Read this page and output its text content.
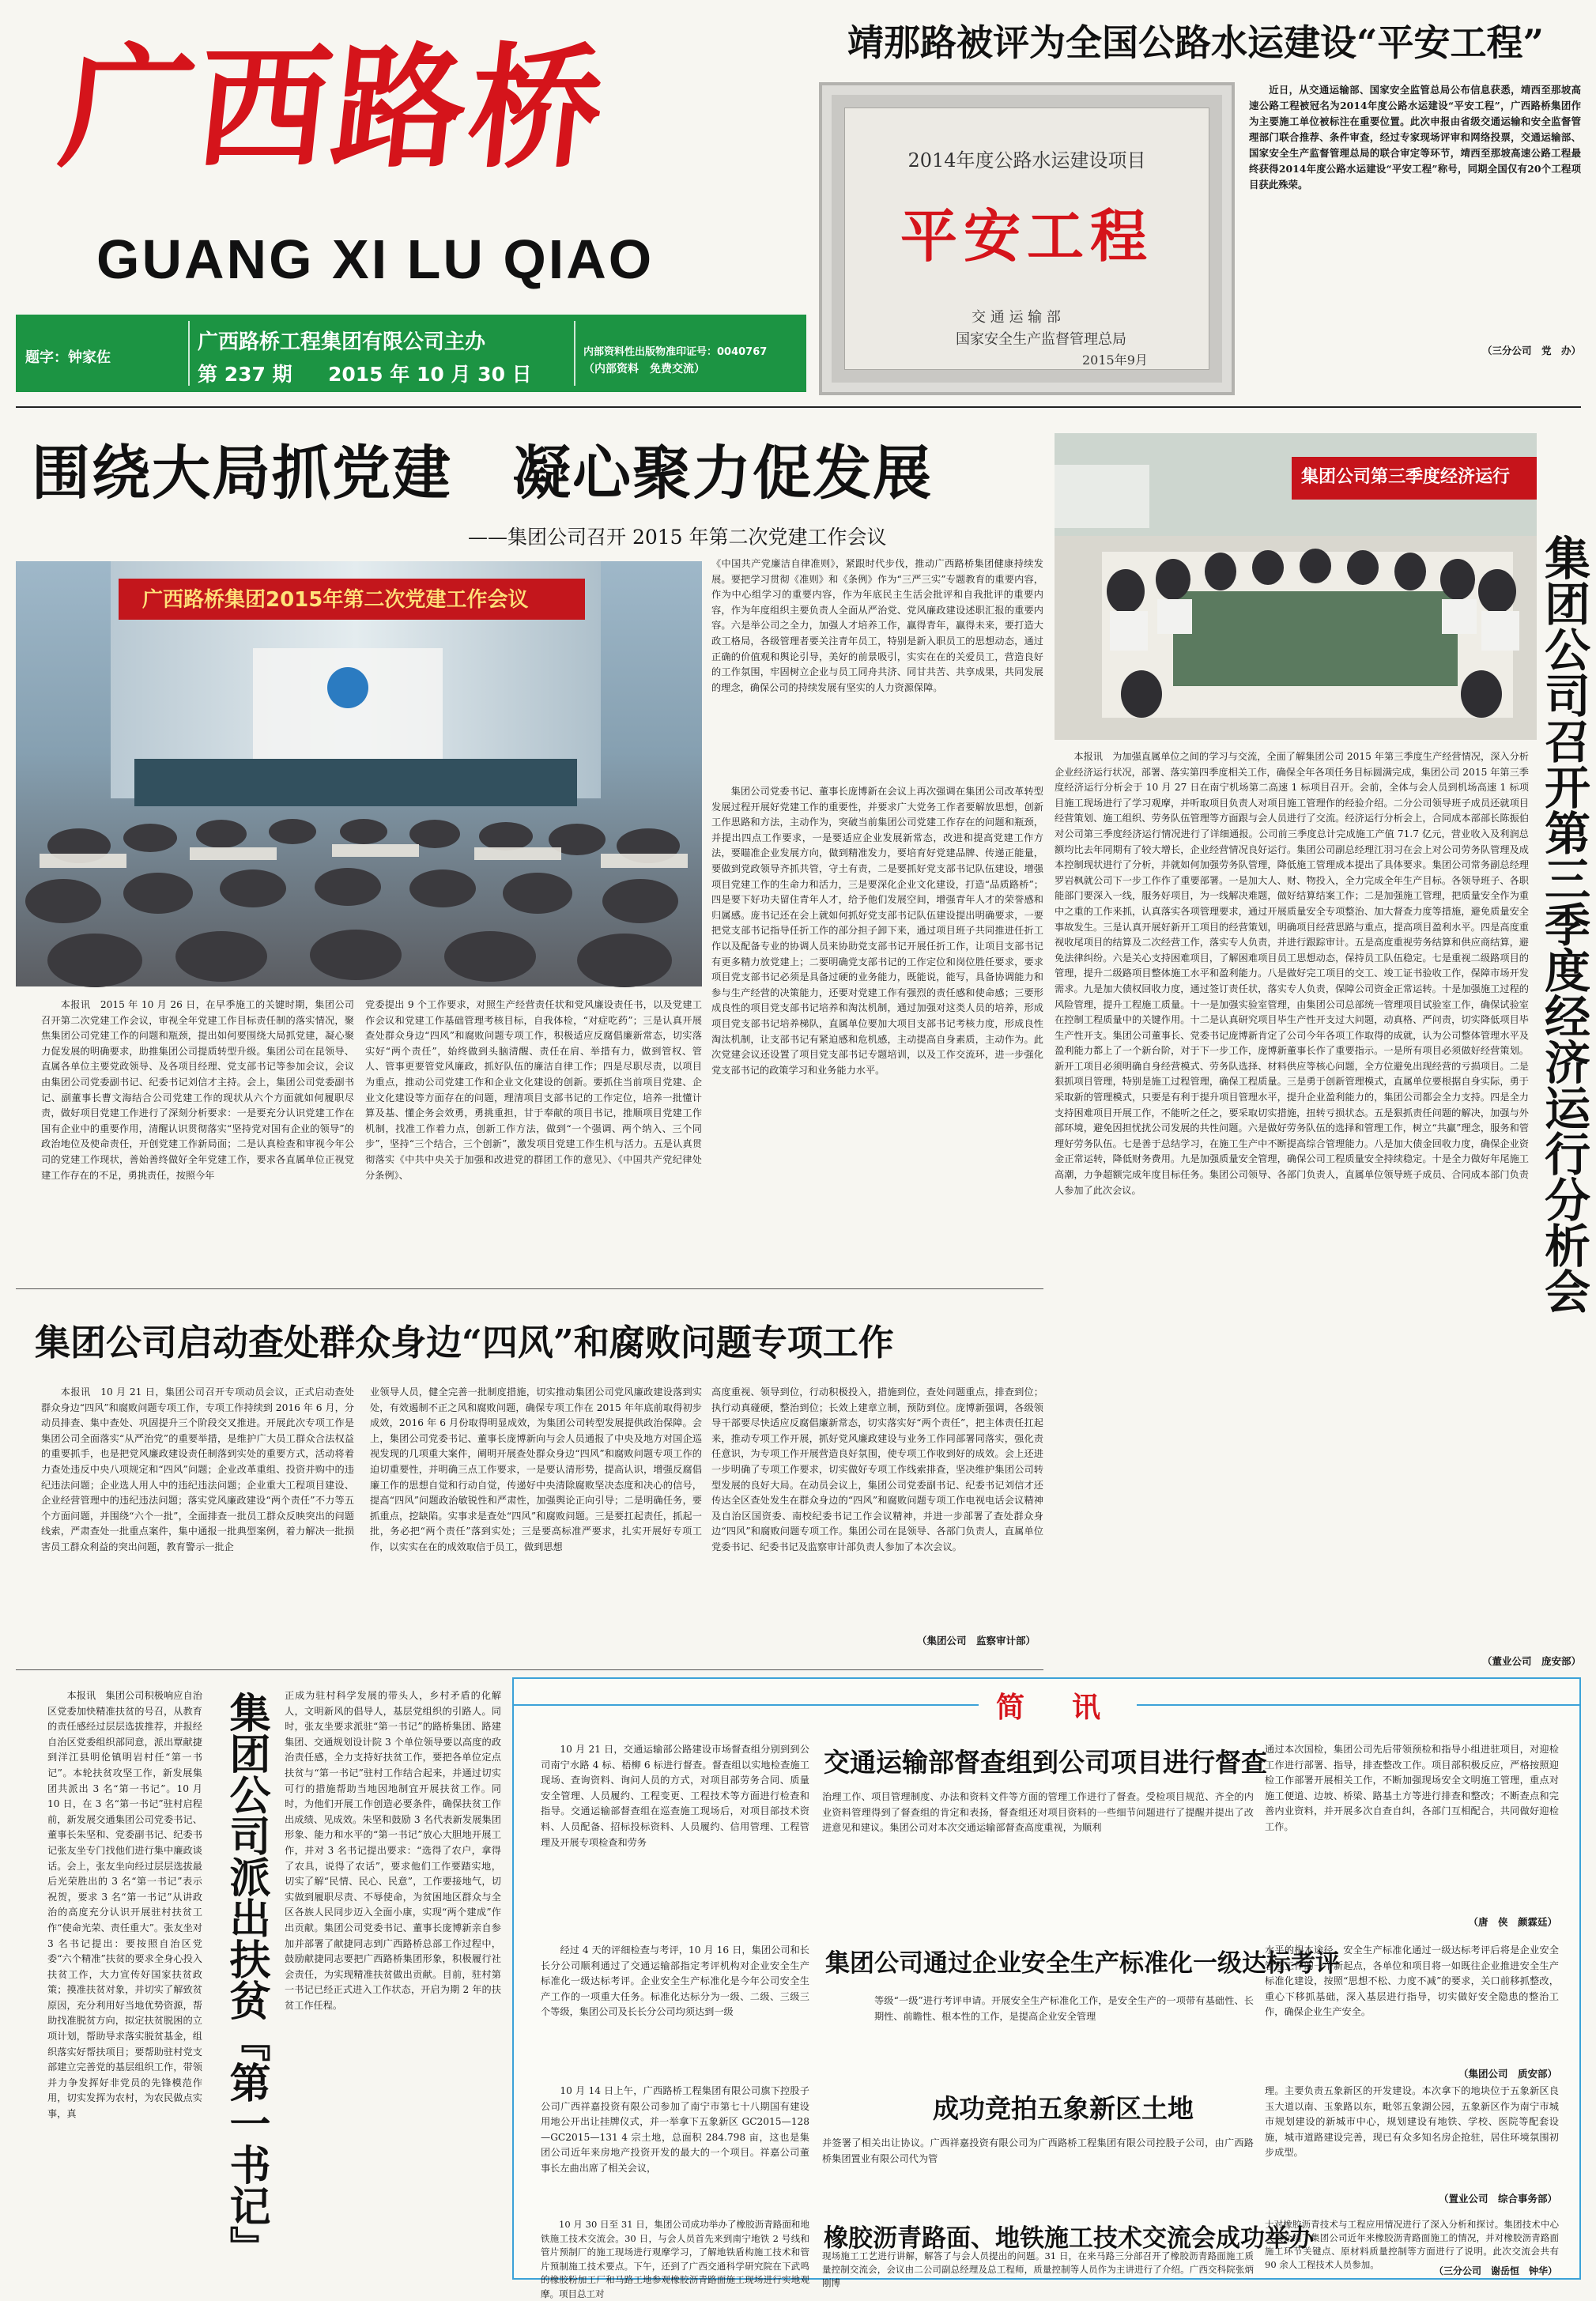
广西路桥
GUANG XI LU QIAO
题字：钟家佐
广西路桥工程集团有限公司主办
第 237 期 2015 年 10 月 30 日
内部资料性出版物准印证号：0040767
（内部资料　免费交流）
靖那路被评为全国公路水运建设“平安工程”
2014年度公路水运建设项目
平安工程
交 通 运 输 部
国家安全生产监督管理总局
2015年9月
近日，从交通运输部、国家安全监管总局公布信息获悉，靖西至那坡高速公路工程被冠名为2014年度公路水运建设“平安工程”，广西路桥集团作为主要施工单位被标注在重要位置。此次申报由省级交通运输和安全监督管理部门联合推荐、条件审查，经过专家现场评审和网络投票，交通运输部、国家安全生产监督管理总局的联合审定等环节，靖西至那坡高速公路工程最终获得2014年度公路水运建设“平安工程”称号，同期全国仅有20个工程项目获此殊荣。
（三分公司　党　办）
围绕大局抓党建　凝心聚力促发展
——集团公司召开 2015 年第二次党建工作会议
广西路桥集团2015年第二次党建工作会议
本报讯　2015 年 10 月 26 日，在早季施工的关键时期，集团公司召开第二次党建工作会议，审视全年党建工作目标责任制的落实情况，聚焦集团公司党建工作的问题和瓶颈，提出如何要围绕大局抓党建，凝心聚力促发展的明确要求，助推集团公司提质转型升级。集团公司在昆领导、直属各单位主要党政领导、及各项目经理、党支部书记等参加会议，会议由集团公司党委副书记、纪委书记刘信才主持。会上，集团公司党委副书记、副董事长曹文海结合公司党建工作的现状从六个方面就如何履职尽责，做好项目党建工作进行了深刻分析要求：一是要充分认识党建工作在国有企业中的重要作用，清醒认识贯彻落实“坚持党对国有企业的领导”的政治地位及使命责任，开创党建工作新局面；二是认真检查和审视今年公司的党建工作现状，善始善终做好全年党建工作，要求各直属单位正视党建工作存在的不足，勇挑责任，按照今年
党委提出 9 个工作要求，对照生产经营责任状和党风廉设责任书，以及党建工作会议和党建工作基础管理考核目标，自我体检，“对症吃药”；三是认真开展查处群众身边“四风”和腐败问题专项工作，积极适应反腐倡廉新常态，切实落实好“两个责任”，始终做到头脑清醒、责任在肩、举措有力，做到管权、管人、管事更要管党风廉政，抓好队伍的廉洁自律工作；四是尽职尽责，以项目为重点，推动公司党建工作和企业文化建设的创新。要抓住当前项目党建、企业文化建设等方面存在的问题，理清项目支部书记的工作定位，培养一批懂计算及基、懂企务会效勇，勇挑重担，甘于奉献的项目书记，推顺项目党建工作机制，找准工作着力点，创新工作方法，做到“一个强调、两个纳入、三个同步”，坚持“三个结合，三个创新”，激发项目党建工作生机与活力。五是认真贯彻落实《中共中央关于加强和改进党的群团工作的意见》、《中国共产党纪律处分条例》、
《中国共产党廉洁自律准则》，紧跟时代步伐，推动广西路桥集团健康持续发展。要把学习贯彻《准则》和《条例》作为“三严三实”专题教育的重要内容，作为中心组学习的重要内容，作为年底民主生活会批评和自我批评的重要内容，作为年度组织主要负责人全面从严治党、党风廉政建设述职汇报的重要内容。六是举公司之全力，加强人才培养工作，赢得青年，赢得未来，要打造大政工格局，各级管理者要关注青年员工，特别是新入职员工的思想动态，通过正确的价值观和舆论引导，美好的前景吸引，实实在在的关爱员工，营造良好的工作氛围，牢固树立企业与员工同舟共济、同甘共苦、共享成果，共同发展的理念，确保公司的持续发展有坚实的人力资源保障。
集团公司党委书记、董事长庞博新在会议上再次强调在集团公司改革转型发展过程开展好党建工作的重要性，并要求广大党务工作者要解放思想，创新工作思路和方法，主动作为，突破当前集团公司党建工作存在的问题和瓶颈，并提出四点工作要求，一是要适应企业发展新常态，改进和提高党建工作方法，要瞄准企业发展方向，做到精准发力，要培育好党建品牌、传递正能量，要做到党政领导齐抓共管，守土有责，二是要抓好党支部书记队伍建设，增强项目党建工作的生命力和活力，三是要深化企业文化建设，打造“品质路桥”；四是要下好功夫留住青年人才，给予他们发展空间，增强青年人才的荣誉感和归属感。庞书记还在会上就如何抓好党支部书记队伍建设提出明确要求，一要把党支部书记指导任折工作的部分担子卸下来，通过项目班子共同推进任折工作以及配备专业的协调人员来协助党支部书记开展任折工作，让项目支部书记有更多精力放党建上；二要明确党支部书记的工作定位和岗位胜任要求，要求项目党支部书记必须是具备过硬的业务能力，既能说，能写，具备协调能力和参与生产经营的决策能力，还要对党建工作有强烈的责任感和使命感；三要形成良性的项目党支部书记培养和淘汰机制，通过加强对这类人员的培养，形成项目党支部书记培养梯队，直属单位要加大项目支部书记考核力度，形成良性淘汰机制，让支部书记有紧迫感和危机感，主动提高自身素质，主动作为。此次党建会议还设置了项目党支部书记专题培训，以及工作交流环，进一步强化党支部书记的政策学习和业务能力水平。
集团公司第三季度经济运行
集团公司召开第三季度经济运行分析会
本报讯　为加强直属单位之间的学习与交流，全面了解集团公司 2015 年第三季度生产经营情况，深入分析企业经济运行状况，部署、落实第四季度相关工作，确保全年各项任务目标圆满完成，集团公司 2015 年第三季度经济运行分析会于 10 月 27 日在南宁机场第二高速 1 标项目召开。会前，全体与会人员到机场高速 1 标项目施工现场进行了学习观摩，并听取项目负责人对项目施工管理作的经验介绍。二分公司领导班子成员还就项目经营策划、施工组织、劳务队伍管理等方面跟与会人员进行了交流。经济运行分析会上，合同成本部部长陈振伯对公司第三季度经济运行情况进行了详细通报。公司前三季度总计完成施工产值 71.7 亿元，营业收入及利润总额均比去年同期有了较大增长，企业经营情况良好运行。集团公司副总经理江羽习在会上对公司劳务队管理及成本控制现状进行了分析，并就如何加强劳务队管理，降低施工管理成本提出了具体要求。集团公司常务副总经理罗岩枫就公司下一步工作作了重要部署。一是加大人、财、物投入，全力完成全年生产目标。各领导班子、各职能部门要深入一线，服务好项目，为一线解决难题，做好结算结案工作；二是加强施工管理，把质量安全作为重中之重的工作来抓，认真落实各项管理要求，通过开展质量安全专项整治、加大督查力度等措施，避免质量安全事故发生。三是认真开展好新开工项目的经营策划，明确项目经营思路与重点，提高项目盈利水平。四是高度重视收尾项目的结算及二次经营工作，落实专人负责，并进行跟踪审计。五是高度重视劳务结算和供应商结算，避免法律纠纷。六是关心支持困难项目，了解困难项目员工思想动态，保持员工队伍稳定。七是重视二级路项目的管理，提升二级路项目整体施工水平和盈利能力。八是做好完工项目的交工、竣工证书验收工作，保障市场开发需求。九是加大债权回收力度，通过签订责任状，落实专人负责，保障公司资金正常运转。十是加强施工过程的风险管理，提升工程施工质量。十一是加强实验室管理，由集团公司总部统一管理项目试验室工作，确保试验室在控制工程质量中的关键作用。十二是认真研究项目毕生产性开支过大问题，动真格、严问责，切实降低项目毕生产性开支。集团公司董事长、党委书记庞博新肯定了公司今年各项工作取得的成就，认为公司整体管理水平及盈利能力都上了一个新台阶，对于下一步工作，庞博新董事长作了重要指示。一是所有项目必须做好经营策划。新开工项目必须明确自身经营模式、劳务队选择、材料供应等核心问题，全方位避免出现经营的亏损项目。二是狠抓项目管理，特别是施工过程管理，确保工程质量。三是勇于创新管理模式，直属单位要根据自身实际，勇于采取新的管理模式，只要是有利于提升项目管理水平，提升企业盈利能力的，集团公司都会全力支持。四是全力支持困难项目开展工作，不能听之任之，要采取切实措施，扭转亏损状态。五是狠抓责任问题的解决，加强与外部环境，避免因担忧扰公司发展的共性问题。六是做好劳务队伍的选择和管理工作，树立“共赢”理念，服务和管理好劳务队伍。七是善于总结学习，在施工生产中不断提高综合管理能力。八是加大债金回收力度，确保企业资金正常运转，降低财务费用。九是加强质量安全管理，确保公司工程质量安全持续稳定。十是全力做好年尾施工高潮，力争超额完成年度目标任务。集团公司领导、各部门负责人，直属单位领导班子成员、合同成本部门负责人参加了此次会议。
（董业公司　庞安部）
集团公司启动查处群众身边“四风”和腐败问题专项工作
本报讯　10 月 21 日，集团公司召开专项动员会议，正式启动查处群众身边“四风”和腐败问题专项工作，专项工作持续到 2016 年 6 月，分动员排查、集中查处、巩固提升三个阶段交叉推进。开展此次专项工作是集团公司全面落实“从严治党”的重要举措，是维护广大员工群众合法权益的重要抓手，也是把党风廉政建设责任制落到实处的重要方式，活动将着力查处违反中央八项规定和“四风”问题；企业改革重组、投资并购中的违纪违法问题；企业选人用人中的违纪违法问题；企业重大工程项目建设、企业经营管理中的违纪违法问题；落实党风廉政建设“两个责任”不力等五个方面问题，并围绕“六个一批”，全面排查一批员工群众反映突出的问题线索，严肃查处一批重点案件，集中通报一批典型案例，着力解决一批损害员工群众利益的突出问题，教育警示一批企
业领导人员，健全完善一批制度措施，切实推动集团公司党风廉政建设落到实处，有效遏制不正之风和腐败问题，确保专项工作在 2015 年年底前取得初步成效，2016 年 6 月份取得明显成效，为集团公司转型发展提供政治保障。会上，集团公司党委书记、董事长庞博新向与会人员通报了中央及地方对国企巡视发现的几项重大案件，阐明开展查处群众身边“四风”和腐败问题专项工作的迫切重要性，并明确三点工作要求，一是要认清形势，提高认识，增强反腐倡廉工作的思想自觉和行动自觉，传递好中央清除腐败坚决态度和决心的信号，提高“四风”问题政治敏锐性和严肃性，加强舆论正向引导；二是明确任务，要抓重点，挖缺陷。实事求是查处“四风”和腐败问题。三是要扛起责任，抓起一批，务必把“两个责任”落到实处；三是要高标准严要求，扎实开展好专项工作，以实实在在的成效取信于员工，做到思想
高度重视、领导到位，行动积极投入，措施到位，查处问题重点，排查到位；执行动真碰硬，整治到位；长效上建章立制，预防到位。庞博新强调，各级领导干部要尽快适应反腐倡廉新常态，切实落实好“两个责任”，把主体责任扛起来，推动专项工作开展，抓好党风廉政建设与业务工作同部署同落实，强化责任意识，为专项工作开展营造良好氛围，使专项工作收到好的成效。会上还进一步明确了专项工作要求，切实做好专项工作线索排查，坚决维护集团公司转型发展的良好大局。在动员会议上，集团公司党委副书记、纪委书记刘信才还传达全区查处发生在群众身边的“四风”和腐败问题专项工作电视电话会议精神及自治区国资委、南校纪委书记工作会议精神，并进一步部署了查处群众身边“四风”和腐败问题专项工作。集团公司在昆领导、各部门负责人，直属单位党委书记、纪委书记及监察审计部负责人参加了本次会议。
（集团公司　监察审计部）
本报讯　集团公司积极响应自治区党委加快精准扶贫的号召，从教育的责任感经过层层选拔推荐，并报经自治区党委组织部同意，派出覃献捷到洋江县明伦镇明岩村任“第一书记”。本轮扶贫攻坚工作，新发展集团共派出 3 名“第一书记”。10 月 10 日，在 3 名“第一书记”驻村启程前，新发展交通集团公司党委书记、董事长朱坚和、党委副书记、纪委书记张友坐专门找他们进行集中廉政谈话。会上，张友坐向经过层层选拔最后光荣胜出的 3 名“第一书记”表示祝贺，要求 3 名“第一书记”从讲政治的高度充分认识开展驻村扶贫工作“使命光荣、责任重大”。张友坐对 3 名书记提出：要按照自治区党委“六个精准”扶贫的要求全身心投入扶贫工作，大力宣传好国家扶贫政策；摸准扶贫对象，并切实了解致贫原因，充分利用好当地优势资源，帮助找准脱贫方向，拟定扶贫脱困的立项计划，帮助导求落实脱贫基金，组织落实好帮扶项目；要帮助驻村党支部建立完善党的基层组织工作，带领并力争发挥好非党员的先锋模范作用，切实发挥为农村，为农民做点实事，真	集团公司派出扶贫『第一书记』 正成为驻村科学发展的带头人，乡村矛盾的化解人，文明新风的倡导人，基层党组织的引路人。同时，张友坐要求派驻“第一书记”的路桥集团、路建集团、交通规划设计院 3 个单位领导要以高度的政治责任感，全力支持好扶贫工作，要把各单位定点扶贫与“第一书记”驻村工作结合起来，并通过切实可行的措施帮助当地因地制宜开展扶贫工作。同时，为他们开展工作创造必要条件，确保扶贫工作出成绩、见成效。朱坚和鼓励 3 名代表新发展集团形象、能力和水平的“第一书记”放心大胆地开展工作，并对 3 名书记提出要求：“选得了农户，拿得了农具，说得了农话”，要求他们工作要踏实地，切实了解“民情、民心、民意”，工作要接地气，切实做到履职尽责、不辱使命，为贫困地区群众与全区各族人民同步迈入全面小康，实现“两个建成”作出贡献。集团公司党委书记、董事长庞博新亲自参加并部署了献捷同志到广西路桥总部工作过程中，鼓励献捷同志要把广西路桥集团形象，积极履行社会责任，为实现精准扶贫做出贡献。目前，驻村第一书记已经正式进入工作状态，开启为期 2 年的扶贫工作任程。
简讯
10 月 21 日，交通运输部公路建设市场督查组分别到到公司南宁水路 4 标、梧柳 6 标进行督查。督查组以实地检查施工现场、查询资料、询问人员的方式，对项目部劳务合同、质量安全管理、人员履约、工程变更、工程技术等方面进行检查和指导。交通运输部督查组在巡查施工现场后，对项目部技术资料、人员配备、招标投标资料、人员履约、信用管理、工程管理及开展专项检查和劳务
交通运输部督查组到公司项目进行督查
治理工作、项目管理制度、办法和资料文件等方面的管理工作进行了督查。受检项目规范、齐全的内业资料管理得到了督查组的肯定和表扬，督查组还对项目资料的一些细节问题进行了提醒并提出了改进意见和建议。集团公司对本次交通运输部督查高度重视，为顺利
通过本次国检，集团公司先后带领预检和指导小组进驻项目，对迎检工作进行部署、指导，排查整改工作。项目部积极反应，严格按照迎检工作部署开展相关工作，不断加强现场安全文明施工管理，重点对施工便道、边坡、桥梁、路基土方等进行排查和整改；不断查点和完善内业资料，并开展多次自查自纠，各部门互相配合，共同做好迎检工作。
（唐　侠　颜霖廷）
经过 4 天的评细检查与考评，10 月 16 日，集团公司和长长分公司顺利通过了交通运输部指定考评机构对企业安全生产标准化一级达标考评。企业安全生产标准化是今年公司安全生产工作的一项重大任务。标准化达标分为一级、二级、三级三个等级，集团公司及长长分公司均须达到一级
集团公司通过企业安全生产标准化一级达标考评
等级“一级”进行考评申请。开展安全生产标准化工作，是安全生产的一项带有基础性、长期性、前瞻性、根本性的工作，是提高企业安全管理
水平的根本途径。安全生产标准化通过一级达标考评后将是企业安全管理工作的一个新起点，各单位和项目将一如既往企业推进安全生产标准化建设，按照“思想不松、力度不减”的要求，关口前移抓整改，重心下移抓基础，深入基层进行指导，切实做好安全隐患的整治工作，确保企业生产安全。
（集团公司　质安部）
10 月 14 日上午，广西路桥工程集团有限公司旗下控股子公司广西祥嘉投资有限公司参加了南宁市第七十八期国有建设用地公开出让挂牌仪式，并一举拿下五象新区 GC2015—128—GC2015—131 4 宗土地，总面积 284.798 亩，这也是集团公司近年来房地产投资开发的最大的一个项目。祥嘉公司董事长左曲出席了相关会议，
成功竞拍五象新区土地
并签署了相关出让协议。广西祥嘉投资有限公司为广西路桥工程集团有限公司控股子公司，由广西路桥集团置业有限公司代为管
理。主要负责五象新区的开发建设。本次拿下的地块位于五象新区良玉大道以南、玉象路以东，毗邻五象湖公园，五象新区作为南宁市城市规划建设的新城市中心，规划建设有地铁、学校、医院等配套设施，城市道路建设完善，现已有众多知名房企抢驻，居住环境氛围初步成型。
（置业公司　综合事务部）
橡胶沥青路面、地铁施工技术交流会成功举办
10 月 30 日至 31 日，集团公司成功举办了橡胶沥青路面和地铁施工技术交流会。30 日，与会人员首先来到南宁地铁 2 号线和管片预制厂的施工现场进行观摩学习，了解地铁盾构施工技术和管片预制施工技术要点。下午，还到了广西交通科学研究院在下武鸣的橡胶粉加工厂和马路工地参观橡胶沥青路面施工现场进行实地观摩。项目总工对
现场施工工艺进行讲解，解答了与会人员提出的问题。31 日，在来马路三分部召开了橡胶沥青路面施工质量控制交流会，会议由二公司副总经理及总工程师，质量控制等人员作为主讲进行了介绍。广西交科院张炳刚博
士对橡胶沥青技术与工程应用情况进行了深入分析和探讨。集团技术中心人员介绍了集团公司近年来橡胶沥青路面施工的情况，并对橡胶沥青路面施工环节关键点、原材料质量控制等方面进行了说明。此次交流会共有 90 余人工程技术人员参加。
（三分公司　谢岳恒　钟华）
